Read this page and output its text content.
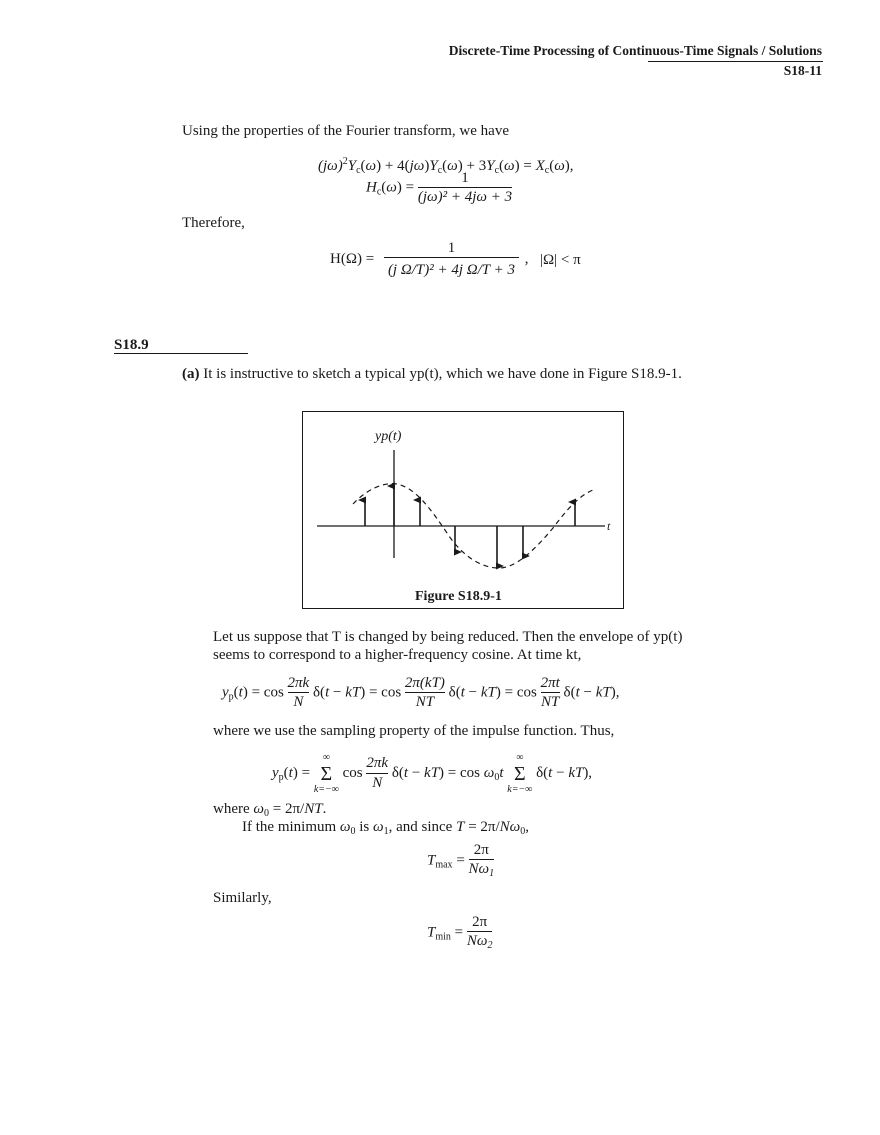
Discrete-Time Processing of Continuous-Time Signals / Solutions
S18-11
Using the properties of the Fourier transform, we have
$(j\omega)^2Y_c(\omega) + 4(j\omega)Y_c(\omega) + 3Y_c(\omega) = X_c(\omega)$,
$H_c(\omega) = \frac{1}{\text{(jω)² + 4jω + 3}}$
Therefore,
$H(\Omega) = \frac{1}{\text{(j Ω/T)² + 4j Ω/T + 3}}$ , |Ω| < π
S18.9
(a) It is instructive to sketch a typical yp(t), which we have done in Figure S18.9-1.
yp(t)
t
Figure S18.9-1
Let us suppose that T is changed by being reduced. Then the envelope of yp(t)
seems to correspond to a higher-frequency cosine. At time kt,
$y_p(t) = \cos \frac{2\pi k}{N} \delta(t - kT) = \cos \frac{2\pi(kT)}{NT} \delta(t - kT) = \cos \frac{2\pi t}{NT} \delta(t - kT)$,
where we use the sampling property of the impulse function. Thus,
$y_p(t)$ =
∞
Σ
k=−∞
$\cos \frac{2\pi k}{N} \delta(t - kT) = \cos \omega_0t$
∞
Σ
k=−∞
δ(t − kT),
where $\omega_0 = 2\pi/NT$.
If the minimum $\omega_0$ is $\omega_1$, and since $T = 2\pi/N\omega_0$,
$T_{max} = \frac{2\pi}{N\omega_1}$
Similarly,
$T_{min} = \frac{2\pi}{N\omega_2}$
